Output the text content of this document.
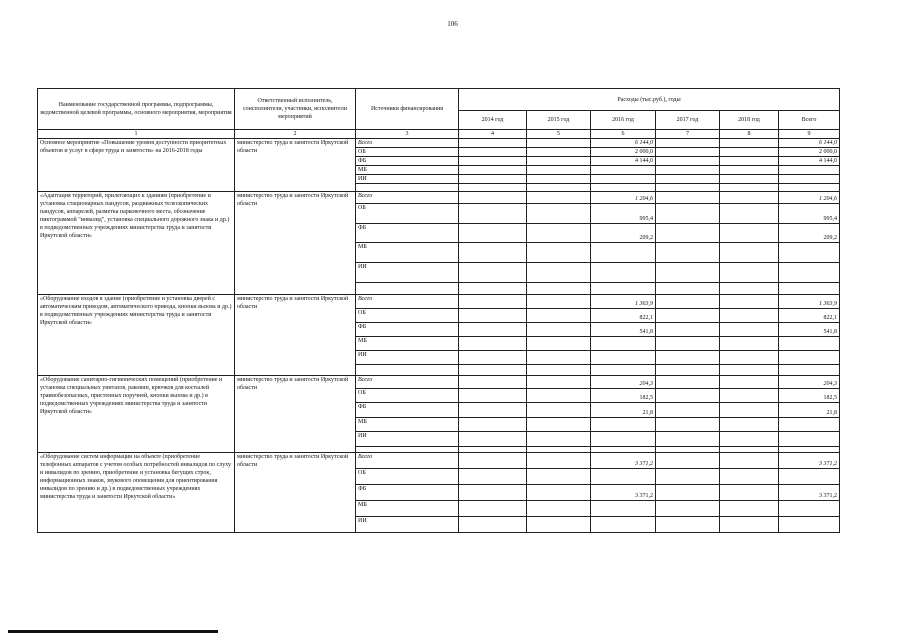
106
Наименование государственной программы, подпрограммы, ведомственной целевой программы, основного мероприятия, мероприятия	Ответственный исполнитель, соисполнители, участники, исполнители мероприятий	Источники финансирования	Расходы (тыс.руб.), годы					
			2014 год	2015 год	2016 год	2017 год	2018 год	Всего
1	2	3	4	5	6	7	8	9
Основное мероприятие «Повышение уровня доступности приоритетных объектов и услуг в сфере труда и занятости» на 2016-2018 годы	министерство труда и занятости Иркутской области	Всего			6 144,0			6 144,0
		ОБ			2 000,0			2 000,0
		ФБ			4 144,0			4 144,0
		МБ						
		ИИ						

«Адаптация территорий, прилегающих к зданиям (приобретение и установка стационарных пандусов, раздвижных телескопических пандусов, аппарелей, разметка парковочного места, обозначение пиктограммой "инвалид", установка специального дорожного знака и др.) в подведомственных учреждениях министерства труда и занятости Иркутской области»	министерство труда и занятости Иркутской области	Всего			1 204,6			1 204,6
		ОБ			995,4			995,4
		ФБ			209,2			209,2
		МБ						
		ИИ						

«Оборудование входов в здание (приобретение и установка дверей с автоматическим приводом, автоматического привода, кнопки вызова и др.) в подведомственных учреждениях министерства труда и занятости Иркутской области»	министерство труда и занятости Иркутской области	Всего			1 363,9			1 363,9
		ОБ			822,1			822,1
		ФБ			541,8			541,8
		МБ						
		ИИ						

«Оборудование санитарно-гигиенических помещений (приобретение и установка специальных унитазов, раковин, крючков для костылей травмобезопасных, пристенных поручней, кнопки вызова и др.) в подведомственных учреждениях министерства труда и занятости Иркутской области»	министерство труда и занятости Иркутской области	Всего			204,3			204,3
		ОБ			182,5			182,5
		ФБ			21,8			21,8
		МБ						
		ИИ						

«Оборудование систем информации на объекте (приобретение телефонных аппаратов с учетом особых потребностей инвалидов по слуху и инвалидов по зрению, приобретение и установка бегущих строк, информационных знаков, звукового оповещения для ориентирования инвалидов по зрению и др.) в подведомственных учреждениях министерства труда и занятости Иркутской области»	министерство труда и занятости Иркутской области	Всего			3 371,2			3 371,2
		ОБ						
		ФБ			3 371,2			3 371,2
		МБ						
		ИИ						
